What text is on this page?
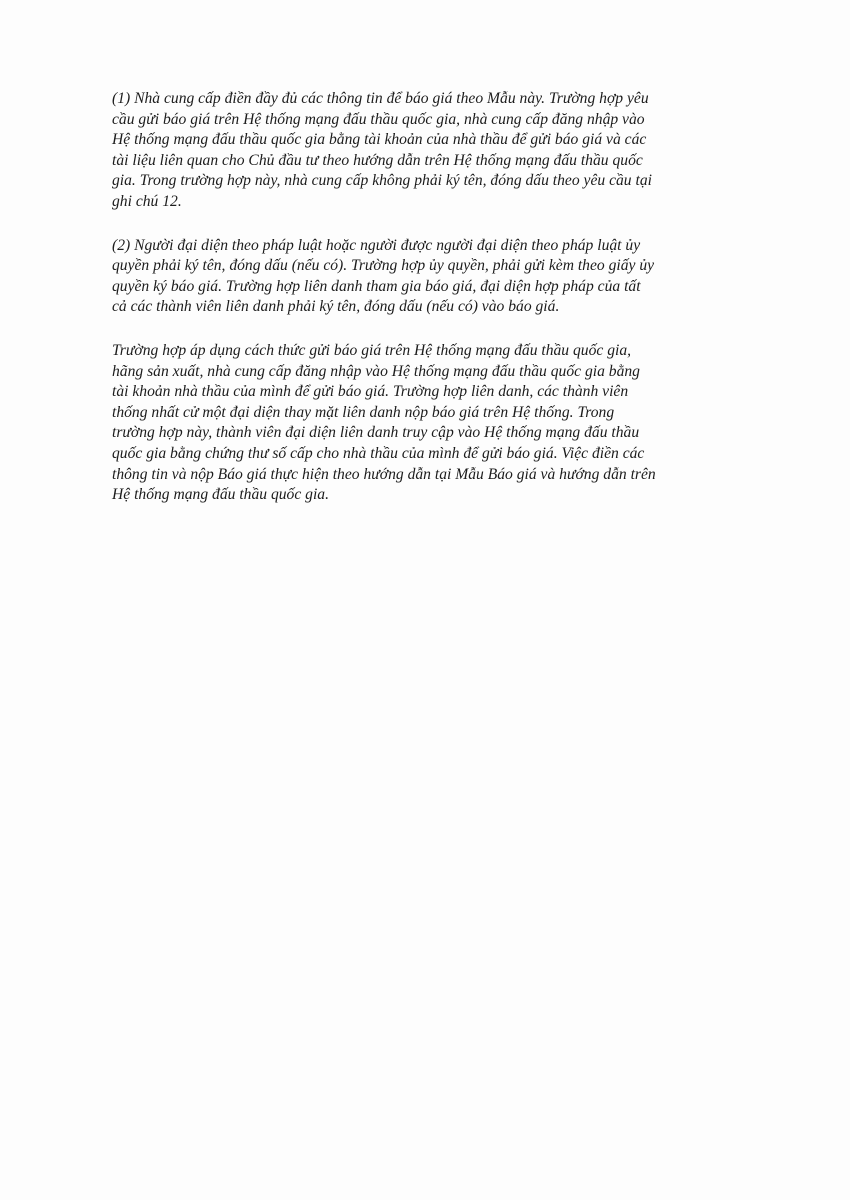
(1) Nhà cung cấp điền đầy đủ các thông tin để báo giá theo Mẫu này. Trường hợp yêu
cầu gửi báo giá trên Hệ thống mạng đấu thầu quốc gia, nhà cung cấp đăng nhập vào
Hệ thống mạng đấu thầu quốc gia bằng tài khoản của nhà thầu để gửi báo giá và các
tài liệu liên quan cho Chủ đầu tư theo hướng dẫn trên Hệ thống mạng đấu thầu quốc
gia. Trong trường hợp này, nhà cung cấp không phải ký tên, đóng dấu theo yêu cầu tại
ghi chú 12.

(2) Người đại diện theo pháp luật hoặc người được người đại diện theo pháp luật ủy
quyền phải ký tên, đóng dấu (nếu có). Trường hợp ủy quyền, phải gửi kèm theo giấy ủy
quyền ký báo giá. Trường hợp liên danh tham gia báo giá, đại diện hợp pháp của tất
cả các thành viên liên danh phải ký tên, đóng dấu (nếu có) vào báo giá.

Trường hợp áp dụng cách thức gửi báo giá trên Hệ thống mạng đấu thầu quốc gia,
hãng sản xuất, nhà cung cấp đăng nhập vào Hệ thống mạng đấu thầu quốc gia bằng
tài khoản nhà thầu của mình để gửi báo giá. Trường hợp liên danh, các thành viên
thống nhất cử một đại diện thay mặt liên danh nộp báo giá trên Hệ thống. Trong
trường hợp này, thành viên đại diện liên danh truy cập vào Hệ thống mạng đấu thầu
quốc gia bằng chứng thư số cấp cho nhà thầu của mình để gửi báo giá. Việc điền các
thông tin và nộp Báo giá thực hiện theo hướng dẫn tại Mẫu Báo giá và hướng dẫn trên
Hệ thống mạng đấu thầu quốc gia.
